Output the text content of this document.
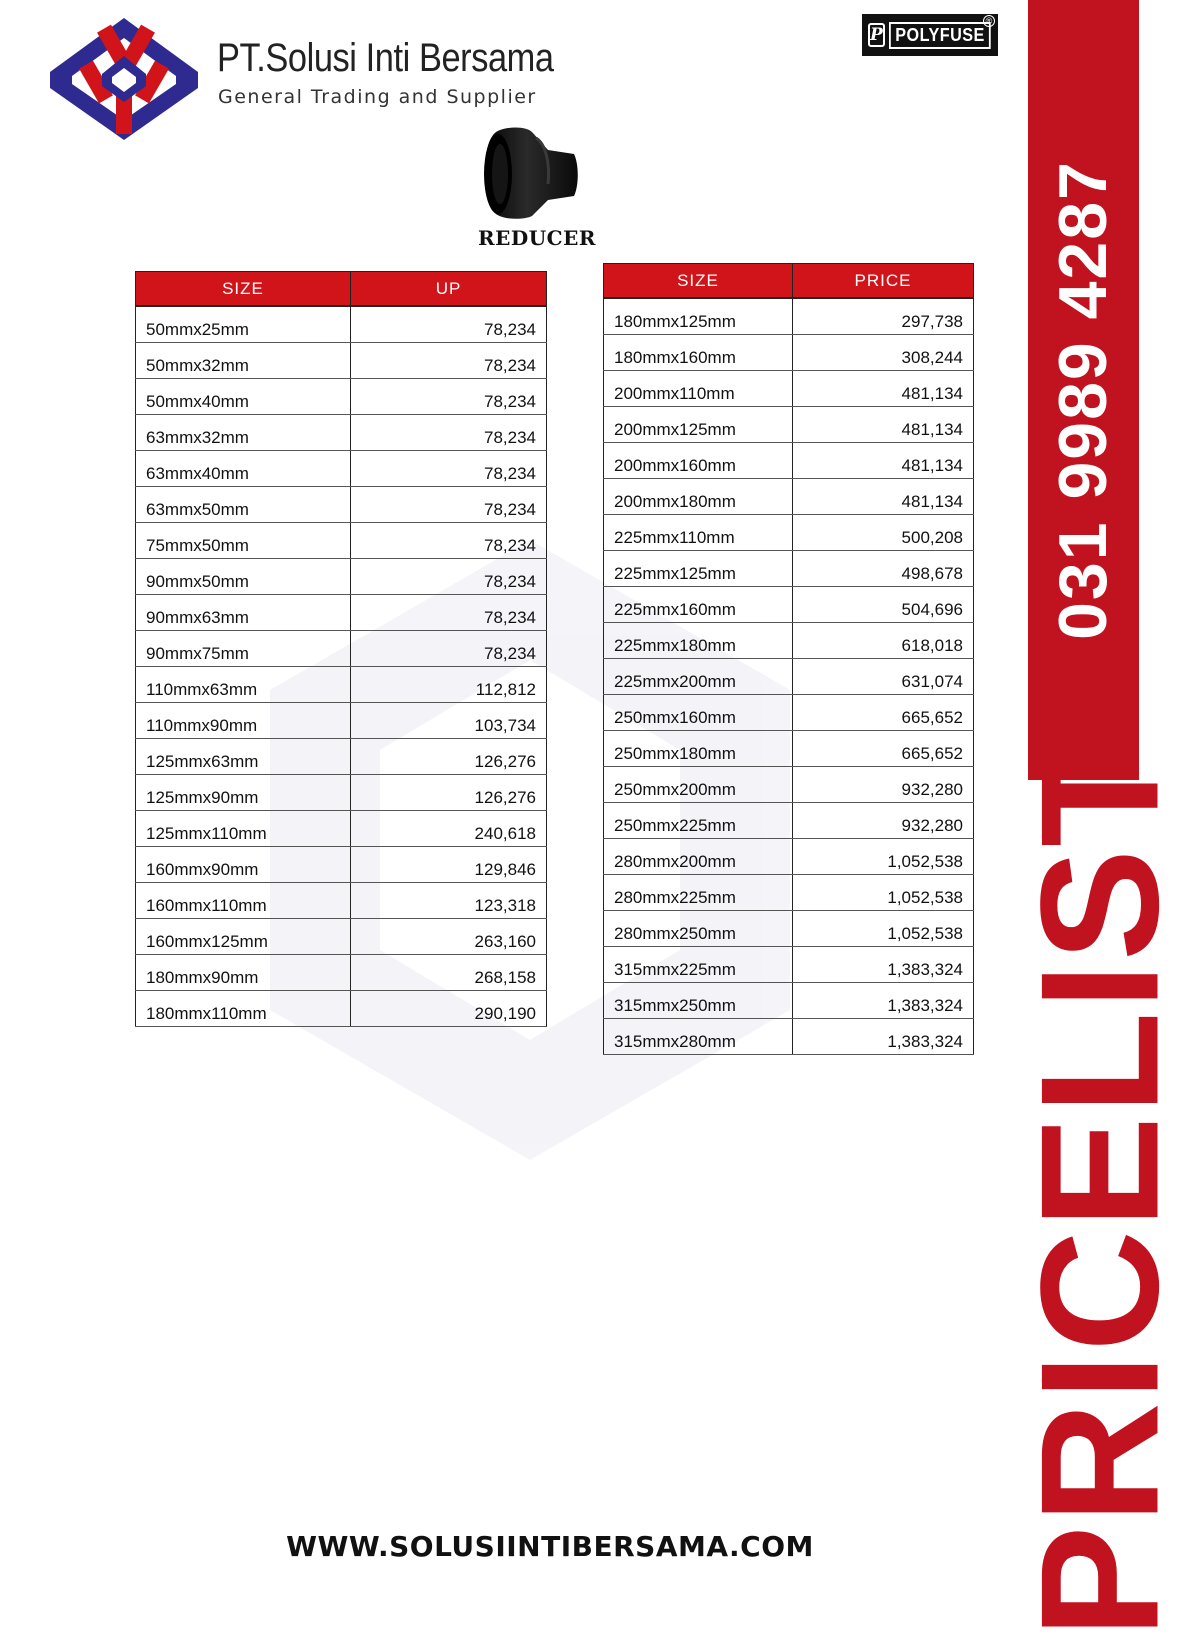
PT.Solusi Inti Bersama
General Trading and Supplier
P POLYFUSE
®
REDUCER
SIZE	UP
50mmx25mm	78,234
50mmx32mm	78,234
50mmx40mm	78,234
63mmx32mm	78,234
63mmx40mm	78,234
63mmx50mm	78,234
75mmx50mm	78,234
90mmx50mm	78,234
90mmx63mm	78,234
90mmx75mm	78,234
110mmx63mm	112,812
110mmx90mm	103,734
125mmx63mm	126,276
125mmx90mm	126,276
125mmx110mm	240,618
160mmx90mm	129,846
160mmx110mm	123,318
160mmx125mm	263,160
180mmx90mm	268,158
180mmx110mm	290,190
SIZE	PRICE
180mmx125mm	297,738
180mmx160mm	308,244
200mmx110mm	481,134
200mmx125mm	481,134
200mmx160mm	481,134
200mmx180mm	481,134
225mmx110mm	500,208
225mmx125mm	498,678
225mmx160mm	504,696
225mmx180mm	618,018
225mmx200mm	631,074
250mmx160mm	665,652
250mmx180mm	665,652
250mmx200mm	932,280
250mmx225mm	932,280
280mmx200mm	1,052,538
280mmx225mm	1,052,538
280mmx250mm	1,052,538
315mmx225mm	1,383,324
315mmx250mm	1,383,324
315mmx280mm	1,383,324
031 9989 4287
PRICELIST
WWW.SOLUSIINTIBERSAMA.COM
